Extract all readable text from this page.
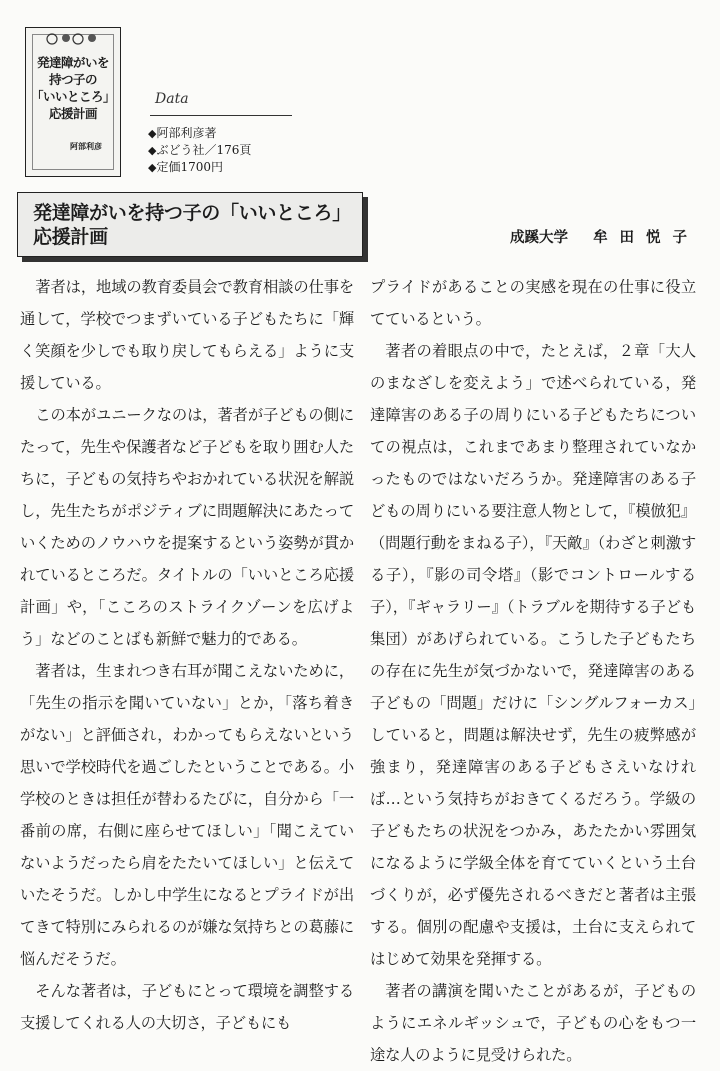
発達障がいを
持つ子の
「いいところ」
応援計画
阿部利彦
Data
◆ 阿部利彦著
◆ ぶどう社／176頁
◆ 定価1700円
発達障がいを持つ子の「いいところ」
応援計画	成蹊大学 牟田悦子

著者は，地域の教育委員会で教育相談の仕事を通して，学校でつまずいている子どもたちに「輝く笑顔を少しでも取り戻してもらえる」ように支援している。

この本がユニークなのは，著者が子どもの側にたって，先生や保護者など子どもを取り囲む人たちに，子どもの気持ちやおかれている状況を解説し，先生たちがポジティブに問題解決にあたっていくためのノウハウを提案するという姿勢が貫かれているところだ。タイトルの「いいところ応援計画」や，「こころのストライクゾーンを広げよう」などのことばも新鮮で魅力的である。

著者は，生まれつき右耳が聞こえないために，「先生の指示を聞いていない」とか，「落ち着きがない」と評価され，わかってもらえないという思いで学校時代を過ごしたということである。小学校のときは担任が替わるたびに，自分から「一番前の席，右側に座らせてほしい」「聞こえていないようだったら肩をたたいてほしい」と伝えていたそうだ。しかし中学生になるとプライドが出てきて特別にみられるのが嫌な気持ちとの葛藤に悩んだそうだ。

そんな著者は，子どもにとって環境を調整する支援してくれる人の大切さ，子どもにも

プライドがあることの実感を現在の仕事に役立てているという。

著者の着眼点の中で，たとえば，２章「大人のまなざしを変えよう」で述べられている，発達障害のある子の周りにいる子どもたちについての視点は，これまであまり整理されていなかったものではないだろうか。発達障害のある子どもの周りにいる要注意人物として，『模倣犯』（問題行動をまねる子），『天敵』（わざと刺激する子），『影の司令塔』（影でコントロールする子），『ギャラリー』（トラブルを期待する子ども集団）があげられている。こうした子どもたちの存在に先生が気づかないで，発達障害のある子どもの「問題」だけに「シングルフォーカス」していると，問題は解決せず，先生の疲弊感が強まり，発達障害のある子どもさえいなければ…という気持ちがおきてくるだろう。学級の子どもたちの状況をつかみ，あたたかい雰囲気になるように学級全体を育てていくという土台づくりが，必ず優先されるべきだと著者は主張する。個別の配慮や支援は，土台に支えられてはじめて効果を発揮する。

著者の講演を聞いたことがあるが，子どものようにエネルギッシュで，子どもの心をもつ一途な人のように見受けられた。
